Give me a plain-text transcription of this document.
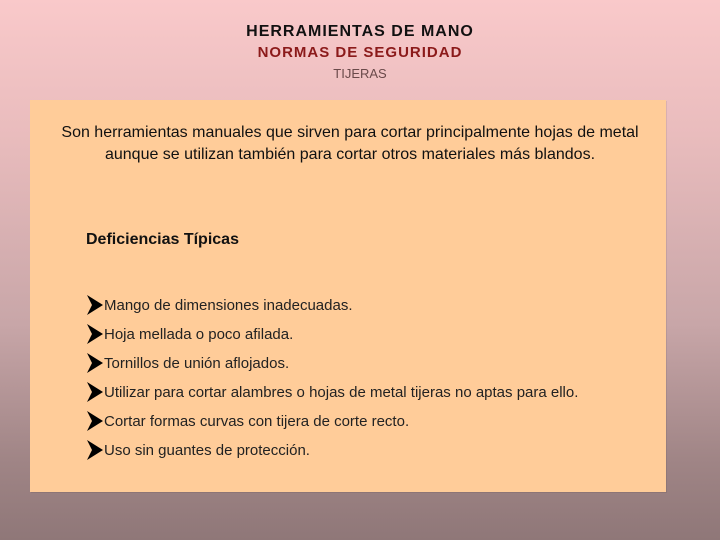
HERRAMIENTAS DE MANO
NORMAS DE SEGURIDAD
TIJERAS
Son herramientas manuales que sirven para cortar principalmente hojas de metal aunque se utilizan también para cortar otros materiales más blandos.
Deficiencias Típicas
Mango de dimensiones inadecuadas.
Hoja mellada o poco afilada.
Tornillos de unión aflojados.
Utilizar para cortar alambres o hojas de metal tijeras no aptas para ello.
Cortar formas curvas con tijera de corte recto.
Uso sin guantes de protección.
